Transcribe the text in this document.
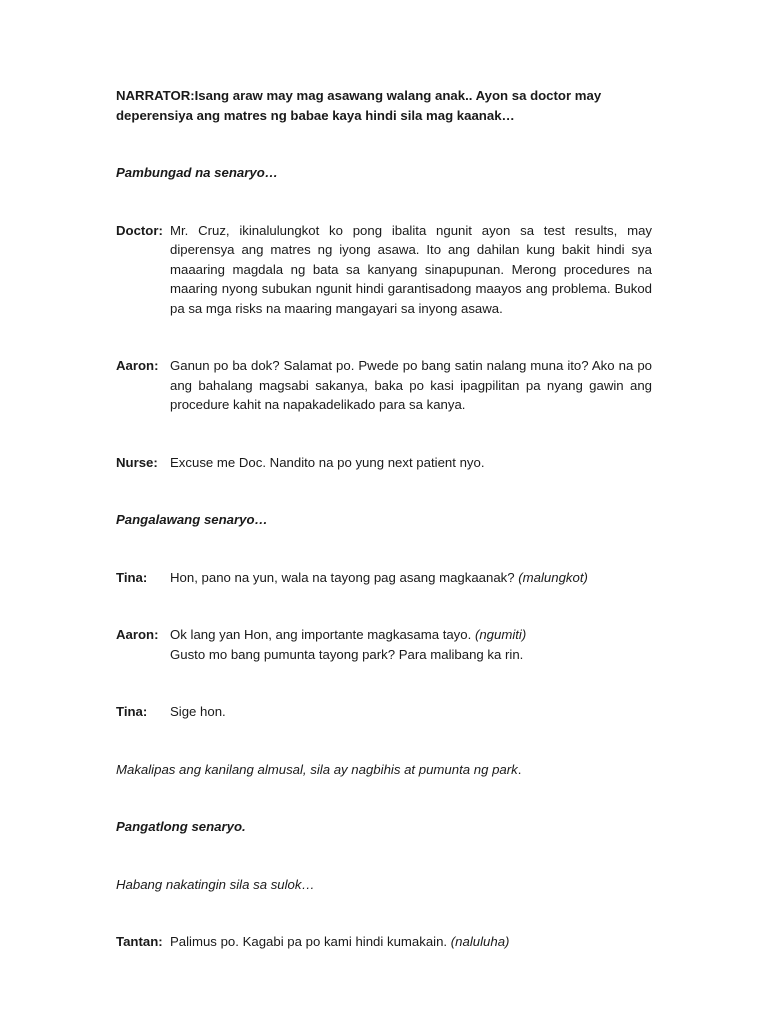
NARRATOR:Isang araw may mag asawang walang anak.. Ayon sa doctor may deperensiya ang matres ng babae kaya hindi sila mag kaanak…

Pambungad na senaryo…

Doctor: Mr. Cruz, ikinalulungkot ko pong ibalita ngunit ayon sa test results, may diperensya ang matres ng iyong asawa. Ito ang dahilan kung bakit hindi sya maaaring magdala ng bata sa kanyang sinapupunan. Merong procedures na maaring nyong subukan ngunit hindi garantisadong maayos ang problema. Bukod pa sa mga risks na maaring mangayari sa inyong asawa.
Aaron: Ganun po ba dok? Salamat po. Pwede po bang satin nalang muna ito? Ako na po ang bahalang magsabi sakanya, baka po kasi ipagpilitan pa nyang gawin ang procedure kahit na napakadelikado para sa kanya.
Nurse: Excuse me Doc. Nandito na po yung next patient nyo.

Pangalawang senaryo…

Tina:	Hon, pano na yun, wala na tayong pag asang magkaanak? (malungkot)
Aaron: Ok lang yan Hon, ang importante magkasama tayo. (ngumiti)
Gusto mo bang pumunta tayong park? Para malibang ka rin.
Tina:	Sige hon.

Makalipas ang kanilang almusal, sila ay nagbihis at pumunta ng park.

Pangatlong senaryo.

Habang nakatingin sila sa sulok…

Tantan: Palimus po. Kagabi pa po kami hindi kumakain. (naluluha)
